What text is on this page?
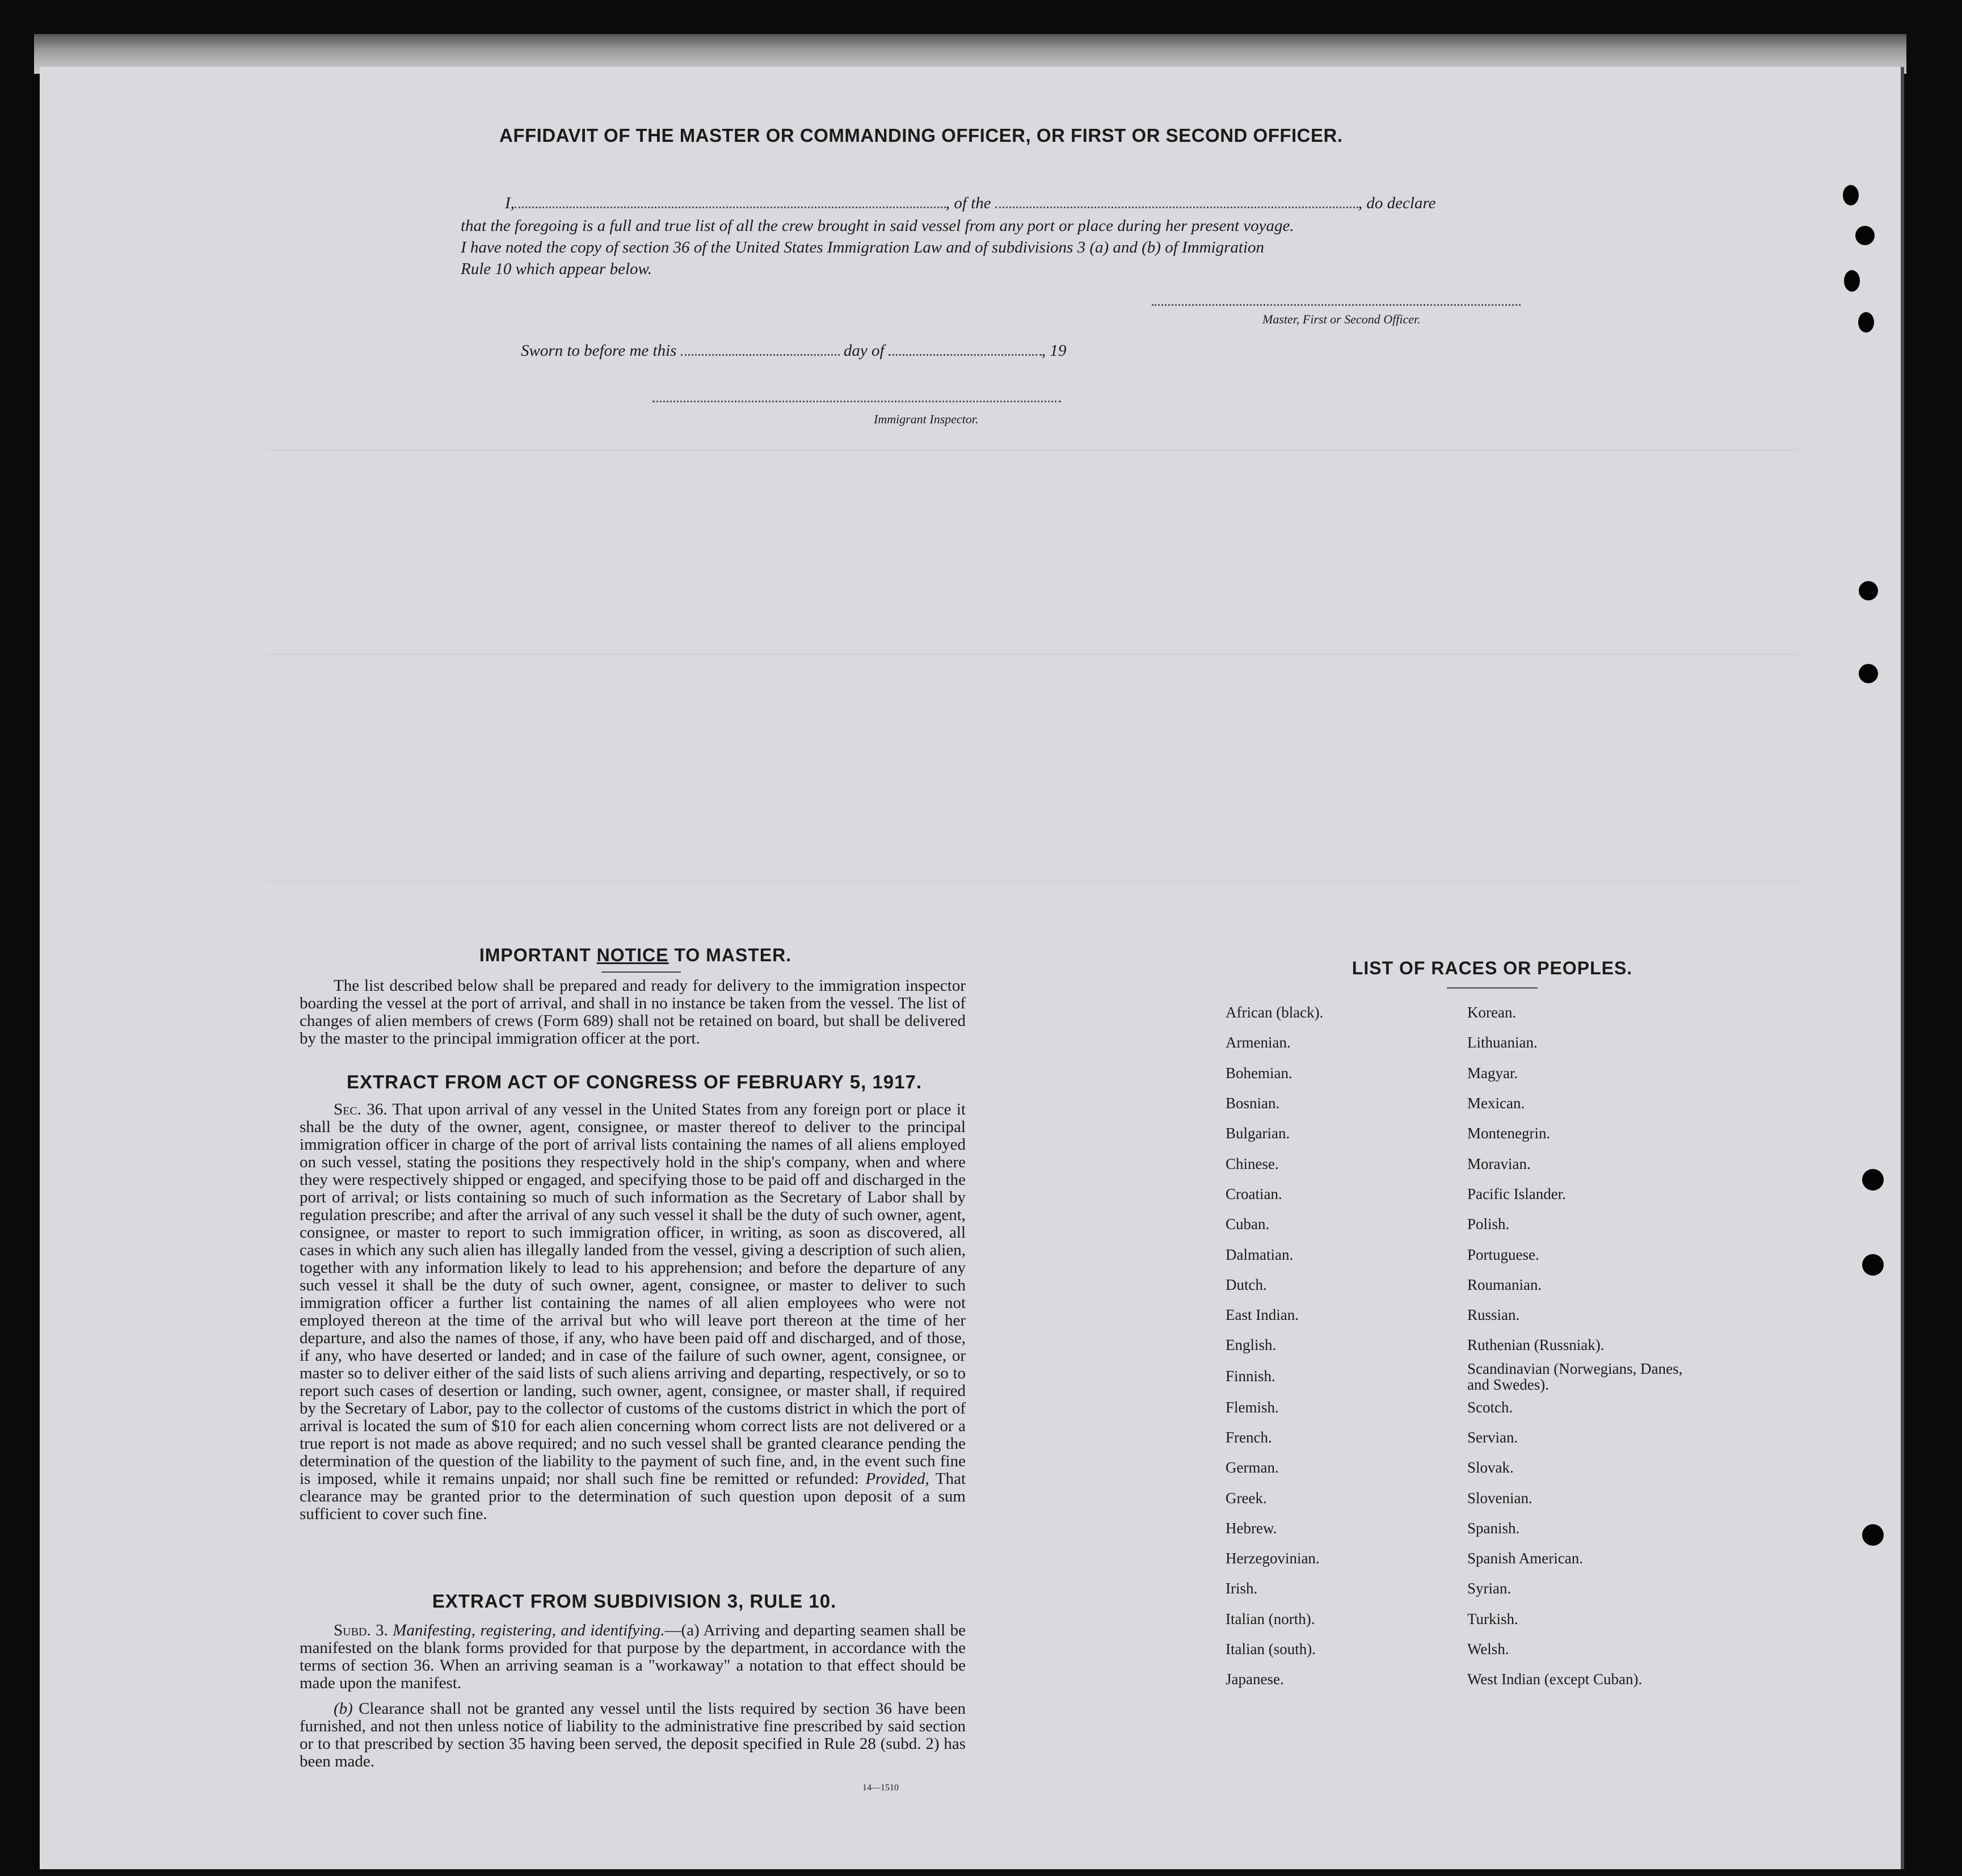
AFFIDAVIT OF THE MASTER OR COMMANDING OFFICER, OR FIRST OR SECOND OFFICER.
I,	, of the	, do declare
that the foregoing is a full and true list of all the crew brought in said vessel from any port or place during her present voyage.
I have noted the copy of section 36 of the United States Immigration Law and of subdivisions 3 (a) and (b) of Immigration
Rule 10 which appear below.
Master, First or Second Officer.
Sworn to before me this	day of	, 19
Immigrant Inspector.
IMPORTANT NOTICE TO MASTER.
The list described below shall be prepared and ready for delivery to the immigration inspector boarding the vessel at the port of arrival, and shall in no instance be taken from the vessel. The list of changes of alien members of crews (Form 689) shall not be retained on board, but shall be delivered by the master to the principal immigration officer at the port.
EXTRACT FROM ACT OF CONGRESS OF FEBRUARY 5, 1917.
Sec. 36. That upon arrival of any vessel in the United States from any foreign port or place it shall be the duty of the owner, agent, consignee, or master thereof to deliver to the principal immigration officer in charge of the port of arrival lists containing the names of all aliens employed on such vessel, stating the positions they respectively hold in the ship's company, when and where they were respectively shipped or engaged, and specifying those to be paid off and discharged in the port of arrival; or lists containing so much of such information as the Secretary of Labor shall by regulation prescribe; and after the arrival of any such vessel it shall be the duty of such owner, agent, consignee, or master to report to such immigration officer, in writing, as soon as discovered, all cases in which any such alien has illegally landed from the vessel, giving a description of such alien, together with any information likely to lead to his apprehension; and before the departure of any such vessel it shall be the duty of such owner, agent, consignee, or master to deliver to such immigration officer a further list containing the names of all alien employees who were not employed thereon at the time of the arrival but who will leave port thereon at the time of her departure, and also the names of those, if any, who have been paid off and discharged, and of those, if any, who have deserted or landed; and in case of the failure of such owner, agent, consignee, or master so to deliver either of the said lists of such aliens arriving and departing, respectively, or so to report such cases of desertion or landing, such owner, agent, consignee, or master shall, if required by the Secretary of Labor, pay to the collector of customs of the customs district in which the port of arrival is located the sum of $10 for each alien concerning whom correct lists are not delivered or a true report is not made as above required; and no such vessel shall be granted clearance pending the determination of the question of the liability to the payment of such fine, and, in the event such fine is imposed, while it remains unpaid; nor shall such fine be remitted or refunded: Provided, That clearance may be granted prior to the determination of such question upon deposit of a sum sufficient to cover such fine.
EXTRACT FROM SUBDIVISION 3, RULE 10.
Subd. 3. Manifesting, registering, and identifying.—(a) Arriving and departing seamen shall be manifested on the blank forms provided for that purpose by the department, in accordance with the terms of section 36. When an arriving seaman is a "workaway" a notation to that effect should be made upon the manifest.
(b) Clearance shall not be granted any vessel until the lists required by section 36 have been furnished, and not then unless notice of liability to the administrative fine prescribed by said section or to that prescribed by section 35 having been served, the deposit specified in Rule 28 (subd. 2) has been made.
14—1510
LIST OF RACES OR PEOPLES.
African (black).	Korean.
Armenian.	Lithuanian.
Bohemian.	Magyar.
Bosnian.	Mexican.
Bulgarian.	Montenegrin.
Chinese.	Moravian.
Croatian.	Pacific Islander.
Cuban.	Polish.
Dalmatian.	Portuguese.
Dutch.	Roumanian.
East Indian.	Russian.
English.	Ruthenian (Russniak).
Finnish.	Scandinavian (Norwegians, Danes, and Swedes).
Flemish.	Scotch.
French.	Servian.
German.	Slovak.
Greek.	Slovenian.
Hebrew.	Spanish.
Herzegovinian.	Spanish American.
Irish.	Syrian.
Italian (north).	Turkish.
Italian (south).	Welsh.
Japanese.	West Indian (except Cuban).
